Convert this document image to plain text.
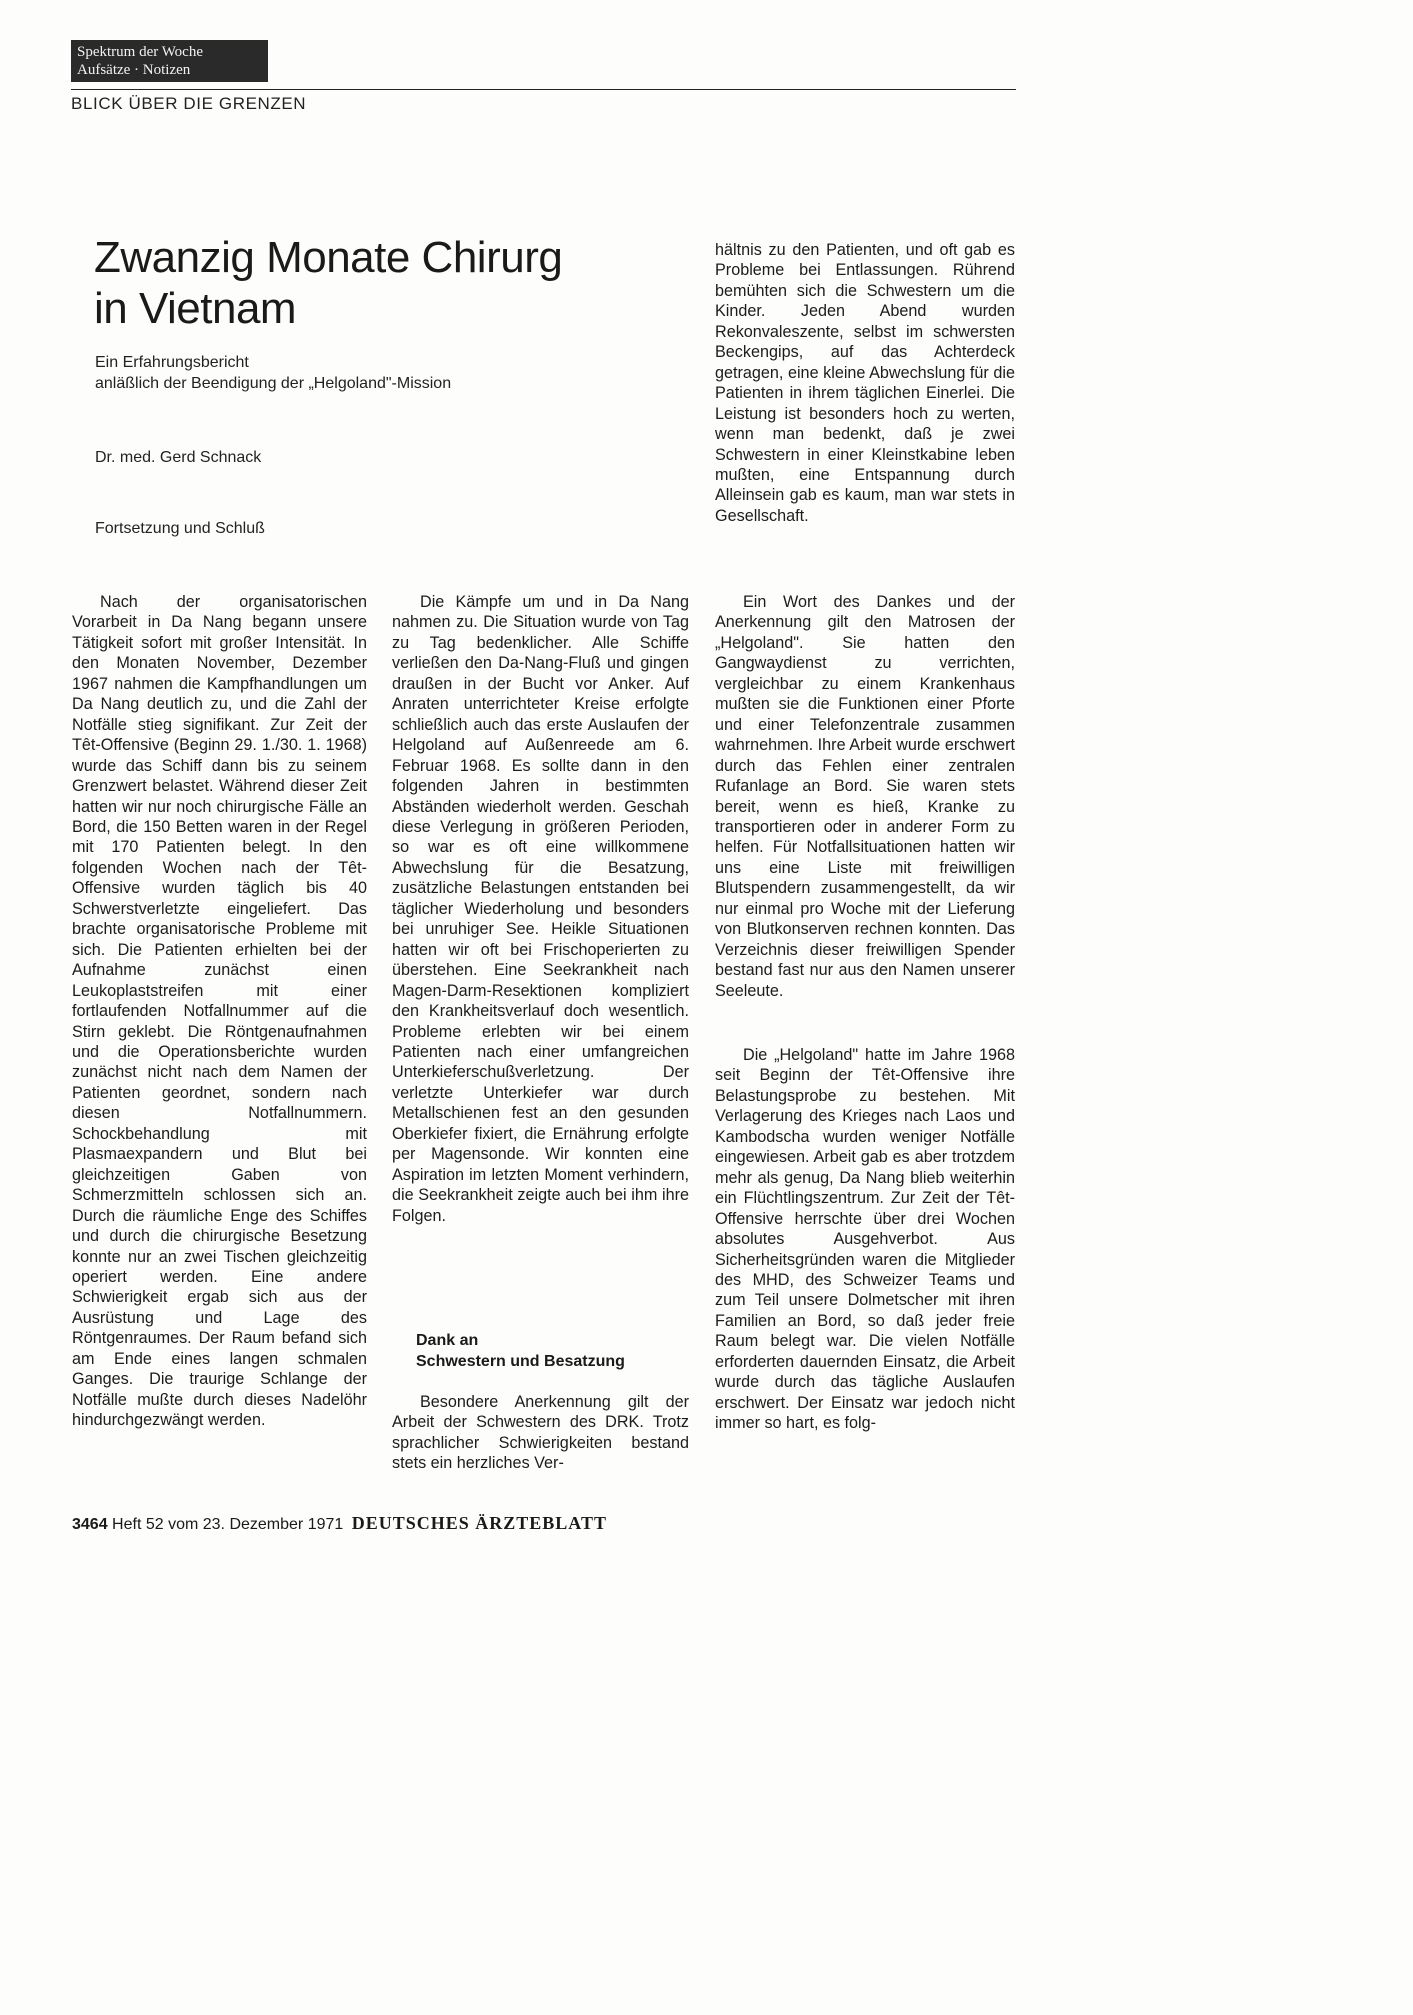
Spektrum der Woche
Aufsätze · Notizen
BLICK ÜBER DIE GRENZEN
Zwanzig Monate Chirurg
in Vietnam
Ein Erfahrungsbericht
anläßlich der Beendigung der „Helgoland"-Mission
Dr. med. Gerd Schnack
Fortsetzung und Schluß

Nach der organisatorischen Vorarbeit in Da Nang begann unsere Tätigkeit sofort mit großer Intensität. In den Monaten November, Dezember 1967 nahmen die Kampfhandlungen um Da Nang deutlich zu, und die Zahl der Notfälle stieg signifikant. Zur Zeit der Têt-Offensive (Beginn 29. 1./30. 1. 1968) wurde das Schiff dann bis zu seinem Grenzwert belastet. Während dieser Zeit hatten wir nur noch chirurgische Fälle an Bord, die 150 Betten waren in der Regel mit 170 Patienten belegt. In den folgenden Wochen nach der Têt-Offensive wurden täglich bis 40 Schwerstverletzte eingeliefert. Das brachte organisatorische Probleme mit sich. Die Patienten erhielten bei der Aufnahme zunächst einen Leukoplaststreifen mit einer fortlaufenden Notfallnummer auf die Stirn geklebt. Die Röntgenaufnahmen und die Operationsberichte wurden zunächst nicht nach dem Namen der Patienten geordnet, sondern nach diesen Notfallnummern. Schockbehandlung mit Plasmaexpandern und Blut bei gleichzeitigen Gaben von Schmerzmitteln schlossen sich an. Durch die räumliche Enge des Schiffes und durch die chirurgische Besetzung konnte nur an zwei Tischen gleichzeitig operiert werden. Eine andere Schwierigkeit ergab sich aus der Ausrüstung und Lage des Röntgenraumes. Der Raum befand sich am Ende eines langen schmalen Ganges. Die traurige Schlange der Notfälle mußte durch dieses Nadelöhr hindurchgezwängt werden.

Die Kämpfe um und in Da Nang nahmen zu. Die Situation wurde von Tag zu Tag bedenklicher. Alle Schiffe verließen den Da-Nang-Fluß und gingen draußen in der Bucht vor Anker. Auf Anraten unterrichteter Kreise erfolgte schließlich auch das erste Auslaufen der Helgoland auf Außenreede am 6. Februar 1968. Es sollte dann in den folgenden Jahren in bestimmten Abständen wiederholt werden. Geschah diese Verlegung in größeren Perioden, so war es oft eine willkommene Abwechslung für die Besatzung, zusätzliche Belastungen entstanden bei täglicher Wiederholung und besonders bei unruhiger See. Heikle Situationen hatten wir oft bei Frischoperierten zu überstehen. Eine Seekrankheit nach Magen-Darm-Resektionen kompliziert den Krankheitsverlauf doch wesentlich. Probleme erlebten wir bei einem Patienten nach einer umfangreichen Unterkieferschußverletzung. Der verletzte Unterkiefer war durch Metallschienen fest an den gesunden Oberkiefer fixiert, die Ernährung erfolgte per Magensonde. Wir konnten eine Aspiration im letzten Moment verhindern, die Seekrankheit zeigte auch bei ihm ihre Folgen.

Dank an
Schwestern und Besatzung

Besondere Anerkennung gilt der Arbeit der Schwestern des DRK. Trotz sprachlicher Schwierigkeiten bestand stets ein herzliches Ver-

hältnis zu den Patienten, und oft gab es Probleme bei Entlassungen. Rührend bemühten sich die Schwestern um die Kinder. Jeden Abend wurden Rekonvaleszente, selbst im schwersten Beckengips, auf das Achterdeck getragen, eine kleine Abwechslung für die Patienten in ihrem täglichen Einerlei. Die Leistung ist besonders hoch zu werten, wenn man bedenkt, daß je zwei Schwestern in einer Kleinstkabine leben mußten, eine Entspannung durch Alleinsein gab es kaum, man war stets in Gesellschaft.

Ein Wort des Dankes und der Anerkennung gilt den Matrosen der „Helgoland". Sie hatten den Gangwaydienst zu verrichten, vergleichbar zu einem Krankenhaus mußten sie die Funktionen einer Pforte und einer Telefonzentrale zusammen wahrnehmen. Ihre Arbeit wurde erschwert durch das Fehlen einer zentralen Rufanlage an Bord. Sie waren stets bereit, wenn es hieß, Kranke zu transportieren oder in anderer Form zu helfen. Für Notfallsituationen hatten wir uns eine Liste mit freiwilligen Blutspendern zusammengestellt, da wir nur einmal pro Woche mit der Lieferung von Blutkonserven rechnen konnten. Das Verzeichnis dieser freiwilligen Spender bestand fast nur aus den Namen unserer Seeleute.

Die „Helgoland" hatte im Jahre 1968 seit Beginn der Têt-Offensive ihre Belastungsprobe zu bestehen. Mit Verlagerung des Krieges nach Laos und Kambodscha wurden weniger Notfälle eingewiesen. Arbeit gab es aber trotzdem mehr als genug, Da Nang blieb weiterhin ein Flüchtlingszentrum. Zur Zeit der Têt-Offensive herrschte über drei Wochen absolutes Ausgehverbot. Aus Sicherheitsgründen waren die Mitglieder des MHD, des Schweizer Teams und zum Teil unsere Dolmetscher mit ihren Familien an Bord, so daß jeder freie Raum belegt war. Die vielen Notfälle erforderten dauernden Einsatz, die Arbeit wurde durch das tägliche Auslaufen erschwert. Der Einsatz war jedoch nicht immer so hart, es folg-

3464 Heft 52 vom 23. Dezember 1971 DEUTSCHES ÄRZTEBLATT
